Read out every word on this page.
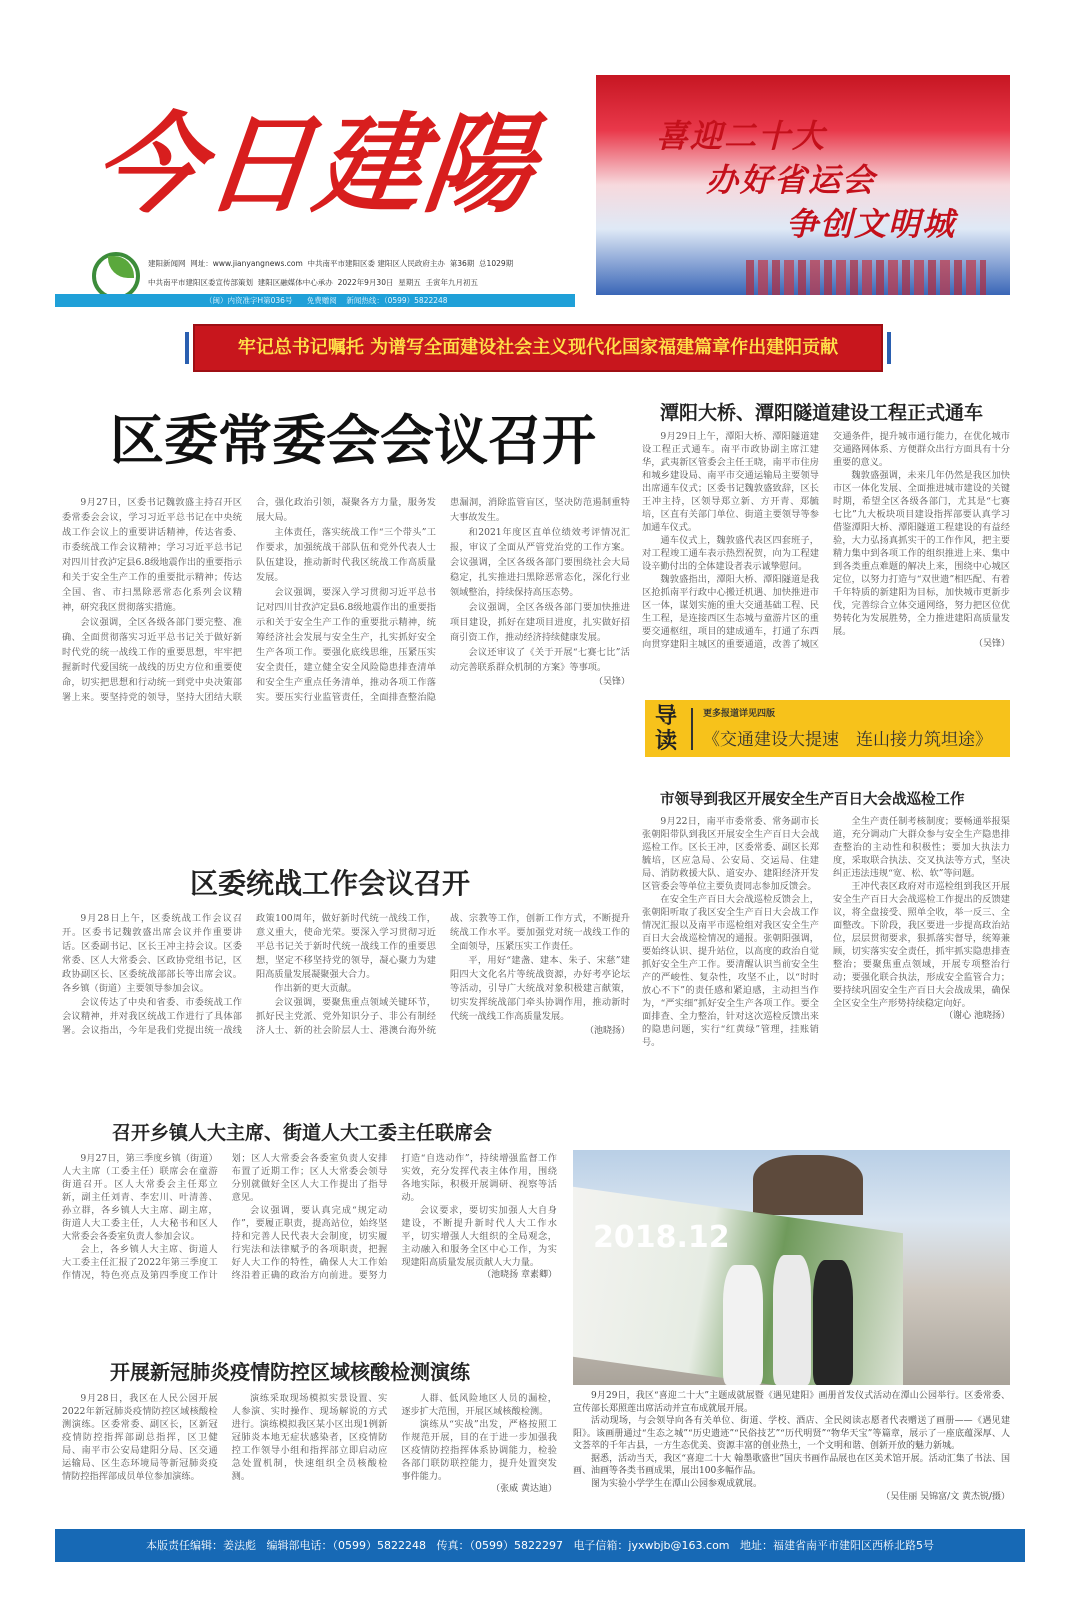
今日建陽	喜迎二十大
办好省运会
争创文明城
建阳新闻网 网址：www.jianyangnews.com 中共南平市建阳区委 建阳区人民政府主办 第36期 总1029期
中共南平市建阳区委宣传部策划 建阳区融媒体中心承办 2022年9月30日 星期五 壬寅年九月初五
（闽）内资准字H第036号 免费赠阅 新闻热线：（0599）5822248
牢记总书记嘱托 为谱写全面建设社会主义现代化国家福建篇章作出建阳贡献
区委常委会会议召开

9月27日，区委书记魏敦盛主持召开区委常委会会议，学习习近平总书记在中央统战工作会议上的重要讲话精神，传达省委、市委统战工作会议精神；学习习近平总书记对四川甘孜泸定县6.8级地震作出的重要指示和关于安全生产工作的重要批示精神；传达全国、省、市扫黑除恶常态化系列会议精神，研究我区贯彻落实措施。

会议强调，全区各级各部门要完整、准确、全面贯彻落实习近平总书记关于做好新时代党的统一战线工作的重要思想，牢牢把握新时代爱国统一战线的历史方位和重要使命，切实把思想和行动统一到党中央决策部署上来。要坚持党的领导，坚持大团结大联合，强化政治引领，凝聚各方力量，服务发展大局。

主体责任，落实统战工作“三个带头”工作要求，加强统战干部队伍和党外代表人士队伍建设，推动新时代我区统战工作高质量发展。

会议强调，要深入学习贯彻习近平总书记对四川甘孜泸定县6.8级地震作出的重要指示和关于安全生产工作的重要批示精神，统筹经济社会发展与安全生产，扎实抓好安全生产各项工作。要强化底线思维，压紧压实安全责任，建立健全安全风险隐患排查清单和安全生产重点任务清单，推动各项工作落实。要压实行业监管责任，全面排查整治隐患漏洞，消除监管盲区，坚决防范遏制重特大事故发生。

和2021年度区直单位绩效考评情况汇报，审议了全面从严管党治党的工作方案。会议强调，全区各级各部门要围绕社会大局稳定，扎实推进扫黑除恶常态化，深化行业领域整治，持续保持高压态势。

会议强调，全区各级各部门要加快推进项目建设，抓好在建项目进度，扎实做好招商引资工作，推动经济持续健康发展。

会议还审议了《关于开展“七赛七比”活动完善联系群众机制的方案》等事项。

（吴锋）
潭阳大桥、潭阳隧道建设工程正式通车

9月29日上午，潭阳大桥、潭阳隧道建设工程正式通车。南平市政协副主席江建华，武夷新区管委会主任王晓，南平市住房和城乡建设局、南平市交通运输局主要领导出席通车仪式；区委书记魏敦盛致辞，区长王冲主持，区领导郑立新、方开青、郑毓培，区直有关部门单位、街道主要领导等参加通车仪式。

通车仪式上，魏敦盛代表区四套班子，对工程竣工通车表示热烈祝贺，向为工程建设辛勤付出的全体建设者表示诚挚慰问。

魏敦盛指出，潭阳大桥、潭阳隧道是我区抢抓南平行政中心搬迁机遇、加快推进市区一体，谋划实施的重大交通基础工程、民生工程，是连接西区生态城与童游片区的重要交通枢纽，项目的建成通车，打通了东西向贯穿建阳主城区的重要通道，改善了城区交通条件，提升城市通行能力，在优化城市交通路网体系、方便群众出行方面具有十分重要的意义。

魏敦盛强调，未来几年仍然是我区加快市区一体化发展、全面推进城市建设的关键时期，希望全区各级各部门，尤其是“七赛七比”九大板块项目建设指挥部要认真学习借鉴潭阳大桥、潭阳隧道工程建设的有益经验，大力弘扬真抓实干的工作作风，把主要精力集中到各项工作的组织推进上来、集中到各类重点难题的解决上来，围绕中心城区定位，以努力打造与“双世遗”相匹配、有着千年特质的新建阳为目标，加快城市更新步伐，完善综合立体交通网络，努力把区位优势转化为发展胜势，全力推进建阳高质量发展。

（吴锋）
导读
更多报道详见四版
《交通建设大提速　连山接力筑坦途》
市领导到我区开展安全生产百日大会战巡检工作

9月22日，南平市委常委、常务副市长张朝阳带队到我区开展安全生产百日大会战巡检工作。区长王冲，区委常委、副区长郑毓培，区应急局、公安局、交运局、住建局、消防救援大队、道安办、建阳经济开发区管委会等单位主要负责同志参加反馈会。

在安全生产百日大会战巡检反馈会上，张朝阳听取了我区安全生产百日大会战工作情况汇报以及南平市巡检组对我区安全生产百日大会战巡检情况的通报。张朝阳强调，要始终认识、提升站位，以高度的政治自觉抓好安全生产工作。要清醒认识当前安全生产的严峻性、复杂性，攻坚不止，以“时时放心不下”的责任感和紧迫感，主动担当作为，“严实细”抓好安全生产各项工作。要全面排查、全力整治，针对这次巡检反馈出来的隐患问题，实行“红黄绿”管理，挂账销号。

全生产责任制考核制度；要畅通举报渠道，充分调动广大群众参与安全生产隐患排查整治的主动性和积极性；要加大执法力度，采取联合执法、交叉执法等方式，坚决纠正违法违规“宽、松、软”等问题。

王冲代表区政府对市巡检组到我区开展安全生产百日大会战巡检工作提出的反馈建议，将全盘接受、照单全收，举一反三、全面整改。下阶段，我区要进一步提高政治站位，层层贯彻要求，狠抓落实督导，统筹兼顾，切实落实安全责任，抓牢抓实隐患排查整治；要聚焦重点领域，开展专项整治行动；要强化联合执法，形成安全监管合力；要持续巩固安全生产百日大会战成果，确保全区安全生产形势持续稳定向好。

（谢心 池晓扬）
区委统战工作会议召开

9月28日上午，区委统战工作会议召开。区委书记魏敦盛出席会议并作重要讲话。区委副书记、区长王冲主持会议。区委常委、区人大常委会、区政协党组书记，区政协副区长、区委统战部部长等出席会议。各乡镇（街道）主要领导参加会议。

会议传达了中央和省委、市委统战工作会议精神，并对我区统战工作进行了具体部署。会议指出，今年是我们党提出统一战线政策100周年，做好新时代统一战线工作，意义重大，使命光荣。要深入学习贯彻习近平总书记关于新时代统一战线工作的重要思想，坚定不移坚持党的领导，凝心聚力为建阳高质量发展凝聚强大合力。

作出新的更大贡献。

会议强调，要聚焦重点领域关键环节，抓好民主党派、党外知识分子、非公有制经济人士、新的社会阶层人士、港澳台海外统战、宗教等工作，创新工作方式，不断提升统战工作水平。要加强党对统一战线工作的全面领导，压紧压实工作责任。

平，用好“建盏、建本、朱子、宋慈”建阳四大文化名片等统战资源，办好考亭论坛等活动，引导广大统战对象积极建言献策，切实发挥统战部门牵头协调作用，推动新时代统一战线工作高质量发展。

（池晓扬）
召开乡镇人大主席、街道人大工委主任联席会

9月27日，第三季度乡镇（街道）人大主席（工委主任）联席会在童游街道召开。区人大常委会主任郑立新，副主任刘青、李宏川、叶清善、孙立群，各乡镇人大主席、副主席，街道人大工委主任，人大秘书和区人大常委会各委室负责人参加会议。

会上，各乡镇人大主席、街道人大工委主任汇报了2022年第三季度工作情况，特色亮点及第四季度工作计划；区人大常委会各委室负责人安排布置了近期工作；区人大常委会领导分别就做好全区人大工作提出了指导意见。

会议强调，要认真完成“规定动作”，要履正职责，提高站位，始终坚持和完善人民代表大会制度，切实履行宪法和法律赋予的各项职责，把握好人大工作的特性，确保人大工作始终沿着正确的政治方向前进。要努力打造“自选动作”，持续增强监督工作实效，充分发挥代表主体作用，围绕各地实际，积极开展调研、视察等活动。

会议要求，要切实加强人大自身建设，不断提升新时代人大工作水平，切实增强人大组织的全局观念，主动融入和服务全区中心工作，为实现建阳高质量发展贡献人大力量。

（池晓扬 章素卿）
开展新冠肺炎疫情防控区域核酸检测演练

9月28日，我区在人民公园开展2022年新冠肺炎疫情防控区域核酸检测演练。区委常委、副区长，区新冠疫情防控指挥部副总指挥，区卫健局、南平市公安局建阳分局、区交通运输局、区生态环境局等新冠肺炎疫情防控指挥部成员单位参加演练。

演练采取现场模拟实景设置、实人参演、实时操作、现场解说的方式进行。演练模拟我区某小区出现1例新冠肺炎本地无症状感染者，区疫情防控工作领导小组和指挥部立即启动应急处置机制，快速组织全员核酸检测。

人群、低风险地区人员的漏检，逐步扩大范围，开展区域核酸检测。

演练从“实战”出发，严格按照工作规范开展，目的在于进一步加强我区疫情防控指挥体系协调能力，检验各部门联防联控能力，提升处置突发事件能力。

（张威 黄达迪）
2018.12

9月29日，我区“喜迎二十大”主题成就展暨《遇见建阳》画册首发仪式活动在潭山公园举行。区委常委、宣传部长郑照莲出席活动并宣布成就展开展。

活动现场，与会领导向各有关单位、街道、学校、酒店、全民阅读志愿者代表赠送了画册——《遇见建阳》。该画册通过“生态之城”“历史遗迹”“民俗技艺”“历代明贤”“物华天宝”等篇章，展示了一座底蕴深厚、人文荟萃的千年古县，一方生态优美、资源丰富的创业热土，一个文明和谐、创新开放的魅力新城。

据悉，活动当天，我区“喜迎二十大 翰墨歌盛世”国庆书画作品展也在区美术馆开展。活动汇集了书法、国画、油画等各类书画成果，展出100多幅作品。

图为实验小学学生在潭山公园参观成就展。

（吴佳丽 吴锦富/文 黄杰锐/摄）
本版责任编辑：姜法彪 编辑部电话：（0599）5822248 传真：（0599）5822297 电子信箱：jyxwbjb@163.com 地址：福建省南平市建阳区西桥北路5号
